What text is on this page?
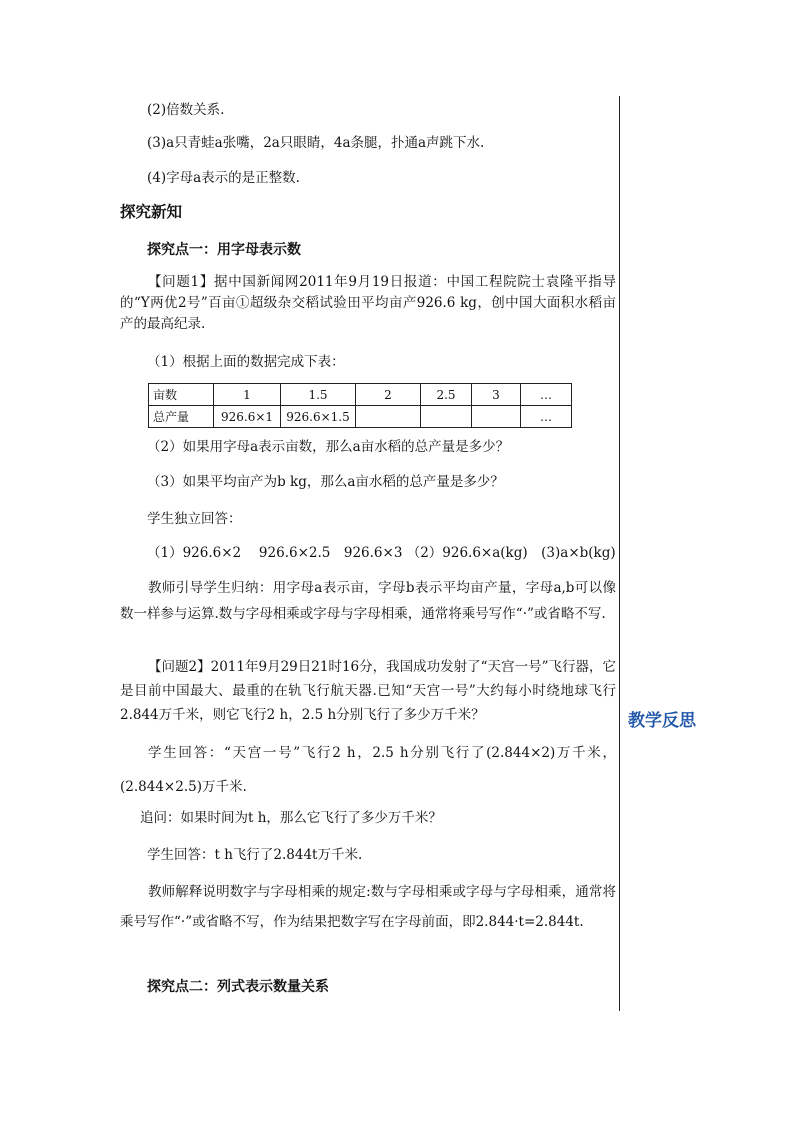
教学反思
(2)倍数关系.
(3)a只青蛙a张嘴，2a只眼睛，4a条腿，扑通a声跳下水.
(4)字母a表示的是正整数.
探究新知
探究点一：用字母表示数
【问题1】据中国新闻网2011年9月19日报道：中国工程院院士袁隆平指导的“Y两优2号”百亩①超级杂交稻试验田平均亩产926.6 kg，创中国大面积水稻亩产的最高纪录.
（1）根据上面的数据完成下表：
亩数	1	1.5	2	2.5	3	…
总产量	926.6×1	926.6×1.5				…
（2）如果用字母a表示亩数，那么a亩水稻的总产量是多少？
（3）如果平均亩产为b kg，那么a亩水稻的总产量是多少？
学生独立回答：
（1）926.6×2　 926.6×2.5　926.6×3 （2）926.6×a(kg)　(3)a×b(kg)
教师引导学生归纳：用字母a表示亩，字母b表示平均亩产量，字母a,b可以像数一样参与运算.数与字母相乘或字母与字母相乘，通常将乘号写作“·”或省略不写.
【问题2】2011年9月29日21时16分，我国成功发射了“天宫一号”飞行器，它是目前中国最大、最重的在轨飞行航天器.已知“天宫一号”大约每小时绕地球飞行2.844万千米，则它飞行2 h，2.5 h分别飞行了多少万千米？
学生回答：“天宫一号”飞行2 h，2.5 h分别飞行了(2.844×2)万千米，(2.844×2.5)万千米.
追问：如果时间为t h，那么它飞行了多少万千米？
学生回答：t h飞行了2.844t万千米.
教师解释说明数字与字母相乘的规定:数与字母相乘或字母与字母相乘，通常将乘号写作“·”或省略不写，作为结果把数字写在字母前面，即2.844·t=2.844t.
探究点二：列式表示数量关系
